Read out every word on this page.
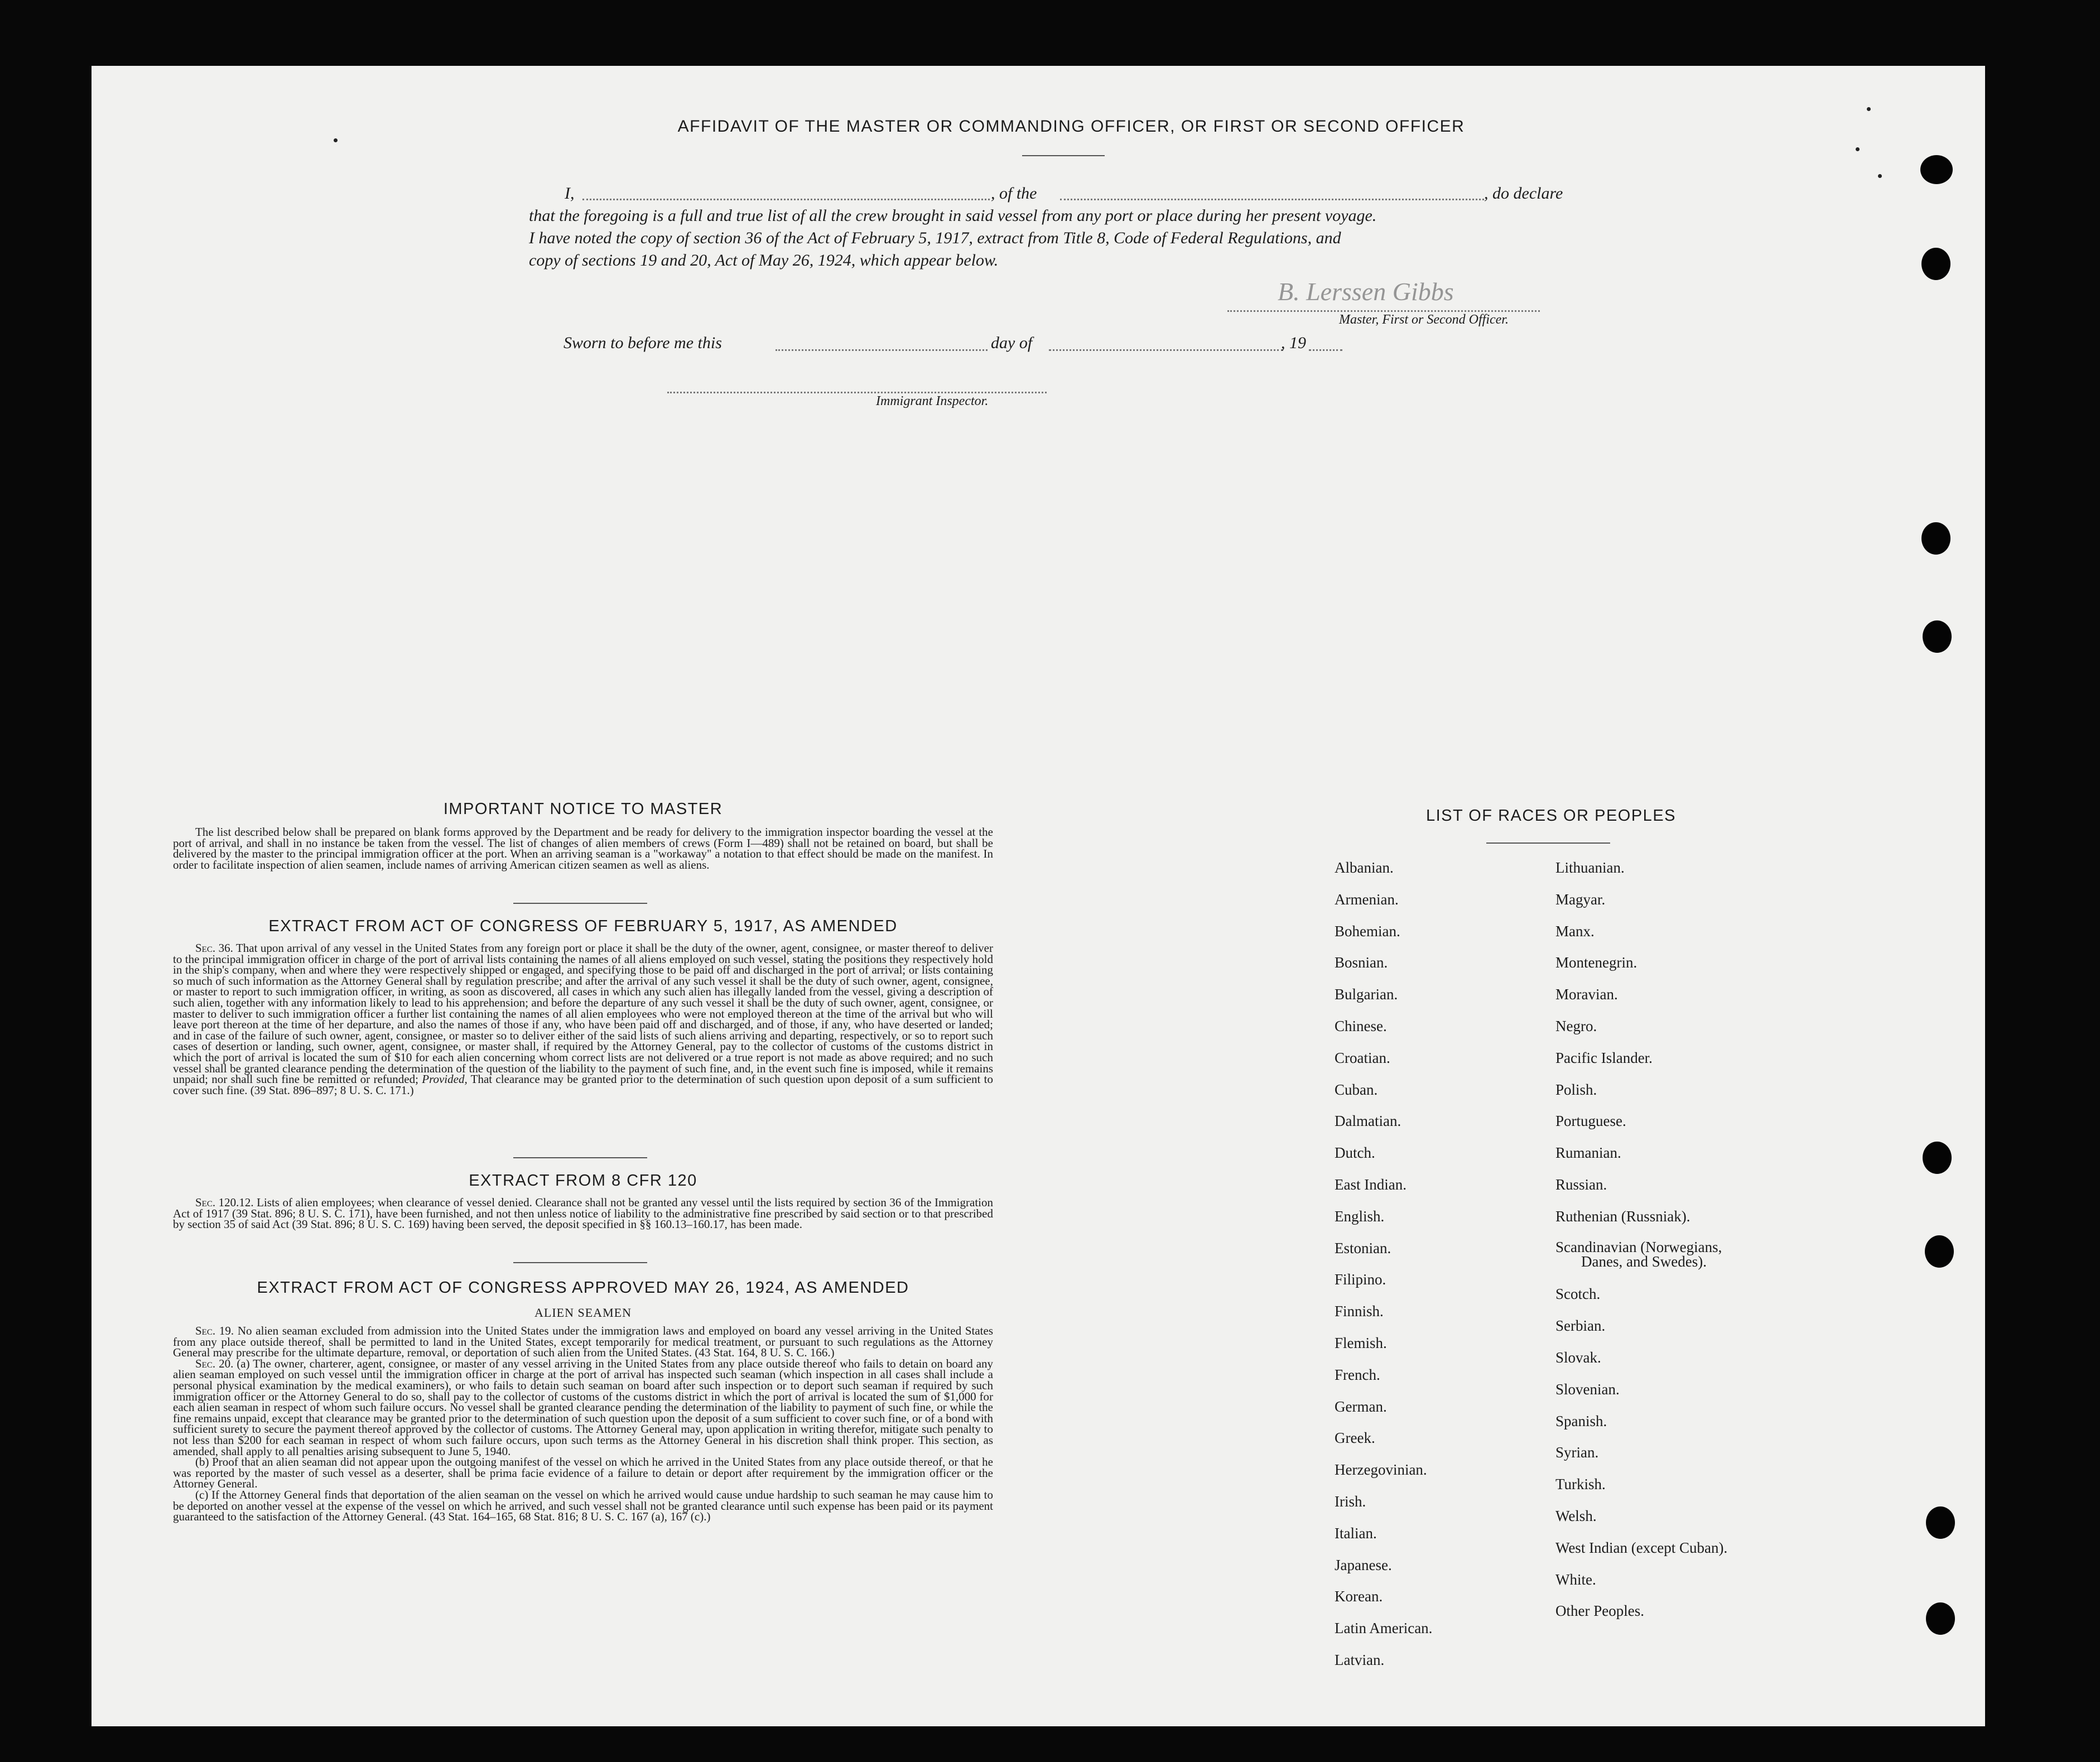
AFFIDAVIT OF THE MASTER OR COMMANDING OFFICER, OR FIRST OR SECOND OFFICER
I,	, of the	, do declare
that the foregoing is a full and true list of all the crew brought in said vessel from any port or place during her present voyage.
I have noted the copy of section 36 of the Act of February 5, 1917, extract from Title 8, Code of Federal Regulations, and
copy of sections 19 and 20, Act of May 26, 1924, which appear below.
B. Lerssen Gibbs
Master, First or Second Officer.
Sworn to before me this	day of	, 19
Immigrant Inspector.
IMPORTANT NOTICE TO MASTER

The list described below shall be prepared on blank forms approved by the Department and be ready for delivery to the immigration inspector boarding the vessel at the port of arrival, and shall in no instance be taken from the vessel. The list of changes of alien members of crews (Form I—489) shall not be retained on board, but shall be delivered by the master to the principal immigration officer at the port. When an arriving seaman is a "workaway" a notation to that effect should be made on the manifest. In order to facilitate inspection of alien seamen, include names of arriving American citizen seamen as well as aliens.

EXTRACT FROM ACT OF CONGRESS OF FEBRUARY 5, 1917, AS AMENDED

Sec. 36. That upon arrival of any vessel in the United States from any foreign port or place it shall be the duty of the owner, agent, consignee, or master thereof to deliver to the principal immigration officer in charge of the port of arrival lists containing the names of all aliens employed on such vessel, stating the positions they respectively hold in the ship's company, when and where they were respectively shipped or engaged, and specifying those to be paid off and discharged in the port of arrival; or lists containing so much of such information as the Attorney General shall by regulation prescribe; and after the arrival of any such vessel it shall be the duty of such owner, agent, consignee, or master to report to such immigration officer, in writing, as soon as discovered, all cases in which any such alien has illegally landed from the vessel, giving a description of such alien, together with any information likely to lead to his apprehension; and before the departure of any such vessel it shall be the duty of such owner, agent, consignee, or master to deliver to such immigration officer a further list containing the names of all alien employees who were not employed thereon at the time of the arrival but who will leave port thereon at the time of her departure, and also the names of those if any, who have been paid off and discharged, and of those, if any, who have deserted or landed; and in case of the failure of such owner, agent, consignee, or master so to deliver either of the said lists of such aliens arriving and departing, respectively, or so to report such cases of desertion or landing, such owner, agent, consignee, or master shall, if required by the Attorney General, pay to the collector of customs of the customs district in which the port of arrival is located the sum of $10 for each alien concerning whom correct lists are not delivered or a true report is not made as above required; and no such vessel shall be granted clearance pending the determination of the question of the liability to the payment of such fine, and, in the event such fine is imposed, while it remains unpaid; nor shall such fine be remitted or refunded; Provided, That clearance may be granted prior to the determination of such question upon deposit of a sum sufficient to cover such fine. (39 Stat. 896–897; 8 U. S. C. 171.)

EXTRACT FROM 8 CFR 120

Sec. 120.12. Lists of alien employees; when clearance of vessel denied. Clearance shall not be granted any vessel until the lists required by section 36 of the Immigration Act of 1917 (39 Stat. 896; 8 U. S. C. 171), have been furnished, and not then unless notice of liability to the administrative fine prescribed by said section or to that prescribed by section 35 of said Act (39 Stat. 896; 8 U. S. C. 169) having been served, the deposit specified in §§ 160.13–160.17, has been made.

EXTRACT FROM ACT OF CONGRESS APPROVED MAY 26, 1924, AS AMENDED
ALIEN SEAMEN

Sec. 19. No alien seaman excluded from admission into the United States under the immigration laws and employed on board any vessel arriving in the United States from any place outside thereof, shall be permitted to land in the United States, except temporarily for medical treatment, or pursuant to such regulations as the Attorney General may prescribe for the ultimate departure, removal, or deportation of such alien from the United States. (43 Stat. 164, 8 U. S. C. 166.)

Sec. 20. (a) The owner, charterer, agent, consignee, or master of any vessel arriving in the United States from any place outside thereof who fails to detain on board any alien seaman employed on such vessel until the immigration officer in charge at the port of arrival has inspected such seaman (which inspection in all cases shall include a personal physical examination by the medical examiners), or who fails to detain such seaman on board after such inspection or to deport such seaman if required by such immigration officer or the Attorney General to do so, shall pay to the collector of customs of the customs district in which the port of arrival is located the sum of $1,000 for each alien seaman in respect of whom such failure occurs. No vessel shall be granted clearance pending the determination of the liability to payment of such fine, or while the fine remains unpaid, except that clearance may be granted prior to the determination of such question upon the deposit of a sum sufficient to cover such fine, or of a bond with sufficient surety to secure the payment thereof approved by the collector of customs. The Attorney General may, upon application in writing therefor, mitigate such penalty to not less than $200 for each seaman in respect of whom such failure occurs, upon such terms as the Attorney General in his discretion shall think proper. This section, as amended, shall apply to all penalties arising subsequent to June 5, 1940.

(b) Proof that an alien seaman did not appear upon the outgoing manifest of the vessel on which he arrived in the United States from any place outside thereof, or that he was reported by the master of such vessel as a deserter, shall be prima facie evidence of a failure to detain or deport after requirement by the immigration officer or the Attorney General.

(c) If the Attorney General finds that deportation of the alien seaman on the vessel on which he arrived would cause undue hardship to such seaman he may cause him to be deported on another vessel at the expense of the vessel on which he arrived, and such vessel shall not be granted clearance until such expense has been paid or its payment guaranteed to the satisfaction of the Attorney General. (43 Stat. 164–165, 68 Stat. 816; 8 U. S. C. 167 (a), 167 (c).)

LIST OF RACES OR PEOPLES
Albanian.
Armenian.
Bohemian.
Bosnian.
Bulgarian.
Chinese.
Croatian.
Cuban.
Dalmatian.
Dutch.
East Indian.
English.
Estonian.
Filipino.
Finnish.
Flemish.
French.
German.
Greek.
Herzegovinian.
Irish.
Italian.
Japanese.
Korean.
Latin American.
Latvian.
Lithuanian.
Magyar.
Manx.
Montenegrin.
Moravian.
Negro.
Pacific Islander.
Polish.
Portuguese.
Rumanian.
Russian.
Ruthenian (Russniak).
Scandinavian (Norwegians,
Danes, and Swedes).
Scotch.
Serbian.
Slovak.
Slovenian.
Spanish.
Syrian.
Turkish.
Welsh.
West Indian (except Cuban).
White.
Other Peoples.
